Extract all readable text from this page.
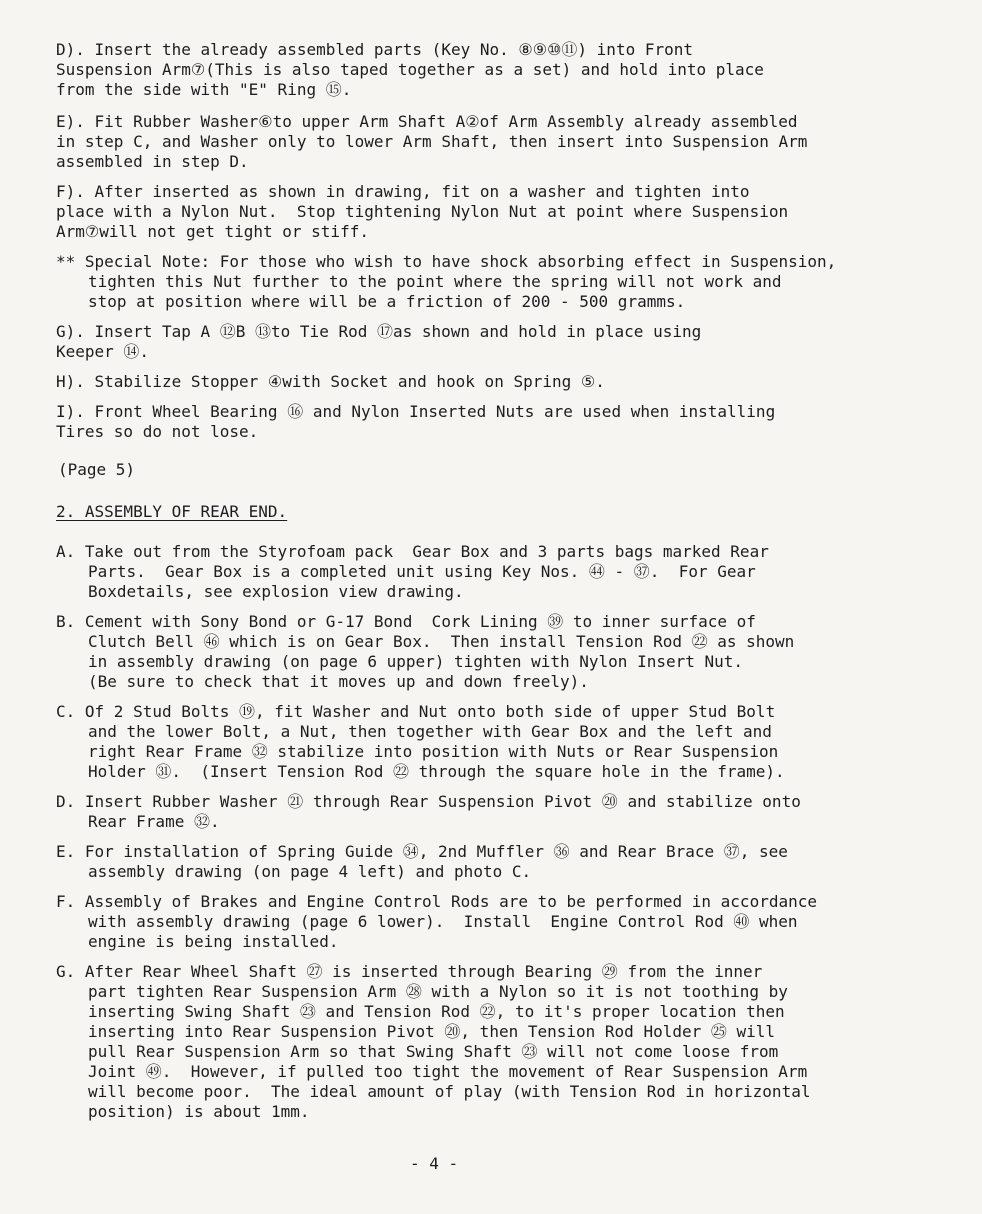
D). Insert the already assembled parts (Key No. ⑧⑨⑩⑪) into Front
Suspension Arm⑦(This is also taped together as a set) and hold into place
from the side with "E" Ring ⑮.

E). Fit Rubber Washer⑥to upper Arm Shaft A②of Arm Assembly already assembled
in step C, and Washer only to lower Arm Shaft, then insert into Suspension Arm
assembled in step D.

F). After inserted as shown in drawing, fit on a washer and tighten into
place with a Nylon Nut.  Stop tightening Nylon Nut at point where Suspension
Arm⑦will not get tight or stiff.

** Special Note: For those who wish to have shock absorbing effect in Suspension,
tighten this Nut further to the point where the spring will not work and
stop at position where will be a friction of 200 - 500 gramms.

G). Insert Tap A ⑫B ⑬to Tie Rod ⑰as shown and hold in place using
Keeper ⑭.

H). Stabilize Stopper ④with Socket and hook on Spring ⑤.

I). Front Wheel Bearing ⑯ and Nylon Inserted Nuts are used when installing
Tires so do not lose.

(Page 5)

2. ASSEMBLY OF REAR END.

A. Take out from the Styrofoam pack  Gear Box and 3 parts bags marked Rear
Parts.  Gear Box is a completed unit using Key Nos. ㊹ - ㊲.  For Gear
Boxdetails, see explosion view drawing.

B. Cement with Sony Bond or G-17 Bond  Cork Lining ㊴ to inner surface of
Clutch Bell ㊻ which is on Gear Box.  Then install Tension Rod ㉒ as shown
in assembly drawing (on page 6 upper) tighten with Nylon Insert Nut.
(Be sure to check that it moves up and down freely).

C. Of 2 Stud Bolts ⑲, fit Washer and Nut onto both side of upper Stud Bolt
and the lower Bolt, a Nut, then together with Gear Box and the left and
right Rear Frame ㉜ stabilize into position with Nuts or Rear Suspension
Holder ㉛.  (Insert Tension Rod ㉒ through the square hole in the frame).

D. Insert Rubber Washer ㉑ through Rear Suspension Pivot ⑳ and stabilize onto
Rear Frame ㉜.

E. For installation of Spring Guide ㉞, 2nd Muffler ㊱ and Rear Brace ㊲, see
assembly drawing (on page 4 left) and photo C.

F. Assembly of Brakes and Engine Control Rods are to be performed in accordance
with assembly drawing (page 6 lower).  Install  Engine Control Rod ㊵ when
engine is being installed.

G. After Rear Wheel Shaft ㉗ is inserted through Bearing ㉙ from the inner
part tighten Rear Suspension Arm ㉘ with a Nylon so it is not toothing by
inserting Swing Shaft ㉓ and Tension Rod ㉒, to it's proper location then
inserting into Rear Suspension Pivot ⑳, then Tension Rod Holder ㉕ will
pull Rear Suspension Arm so that Swing Shaft ㉓ will not come loose from
Joint ㊾.  However, if pulled too tight the movement of Rear Suspension Arm
will become poor.  The ideal amount of play (with Tension Rod in horizontal
position) is about 1mm.

- 4 -
